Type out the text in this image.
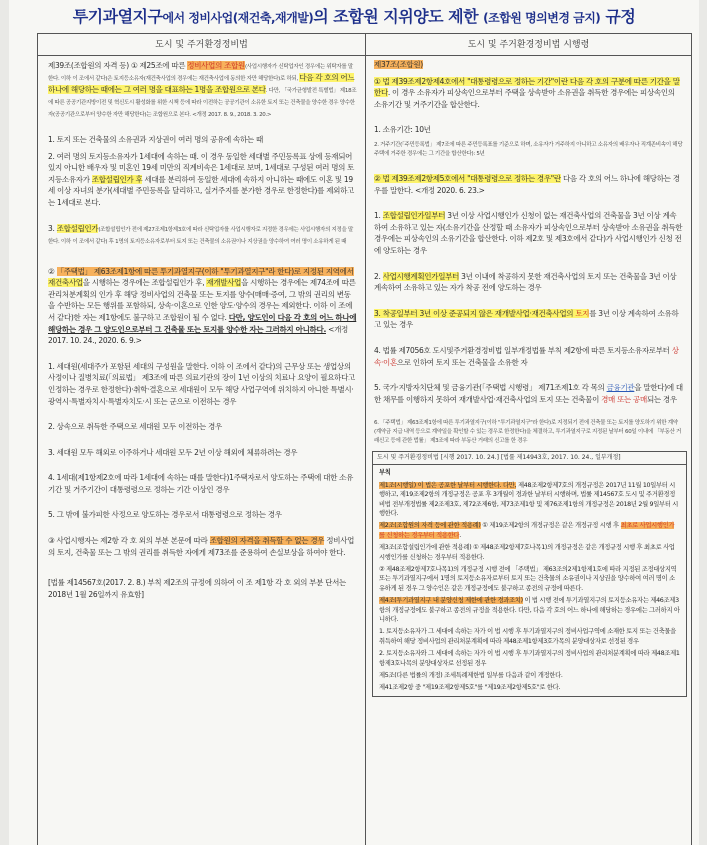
투기과열지구에서 정비사업(재건축,재개발)의 조합원 지위양도 제한 (조합원 명의변경 금지) 규정
도시 및 주거환경정비법

제39조(조합원의 자격 등) ① 제25조에 따른 정비사업의 조합원(사업시행자가 신탁업자인 경우에는 위탁자를 말한다. 이하 이 조에서 같다)은 토지등소유자(재건축사업의 경우에는 재건축사업에 동의한 자만 해당한다)로 하되, 다음 각 호의 어느 하나에 해당하는 때에는 그 여러 명을 대표하는 1명을 조합원으로 본다. 다만, 「국가균형발전 특별법」 제18조에 따른 공공기관지방이전 및 혁신도시 활성화를 위한 시책 등에 따라 이전하는 공공기관이 소유한 토지 또는 건축물을 양수한 경우 양수한 자(공공기관으로부터 양수한 자만 해당한다)는 조합원으로 본다. <개정 2017. 8. 9., 2018. 3. 20.>

1. 토지 또는 건축물의 소유권과 지상권이 여러 명의 공유에 속하는 때

2. 여러 명의 토지등소유자가 1세대에 속하는 때. 이 경우 동일한 세대별 주민등록표 상에 등재되어 있지 아니한 배우자 및 미혼인 19세 미만의 직계비속은 1세대로 보며, 1세대로 구성된 여러 명의 토지등소유자가 조합설립인가 후 세대를 분리하여 동일한 세대에 속하지 아니하는 때에도 이혼 및 19세 이상 자녀의 분가(세대별 주민등록을 달리하고, 실거주지를 분가한 경우로 한정한다)를 제외하고는 1세대로 본다.

3. 조합설립인가(조합설립인가 전에 제27조제1항제3호에 따라 신탁업자를 사업시행자로 지정한 경우에는 사업시행자의 지정을 말한다. 이하 이 조에서 같다) 후 1명의 토지등소유자로부터 토지 또는 건축물의 소유권이나 지상권을 양수하여 여러 명이 소유하게 된 때

② 「주택법」 제63조제1항에 따른 투기과열지구(이하 "투기과열지구"라 한다)로 지정된 지역에서
재건축사업을 시행하는 경우에는 조합설립인가 후, 재개발사업을 시행하는 경우에는 제74조에 따른 관리처분계획의 인가 후 해당 정비사업의 건축물 또는 토지를 양수(매매·증여, 그 밖의 권리의 변동을 수반하는 모든 행위를 포함하되, 상속·이혼으로 인한 양도·양수의 경우는 제외한다. 이하 이 조에서 같다)한 자는 제1항에도 불구하고 조합원이 될 수 없다. 다만, 양도인이 다음 각 호의 어느 하나에 해당하는 경우 그 양도인으로부터 그 건축물 또는 토지를 양수한 자는 그러하지 아니하다. <개정 2017. 10. 24., 2020. 6. 9.>

1. 세대원(세대주가 포함된 세대의 구성원을 말한다. 이하 이 조에서 같다)의 근무상 또는 생업상의 사정이나 질병치료(「의료법」 제3조에 따른 의료기관의 장이 1년 이상의 치료나 요양이 필요하다고 인정하는 경우로 한정한다)·취학·결혼으로 세대원이 모두 해당 사업구역에 위치하지 아니한 특별시·광역시·특별자치시·특별자치도·시 또는 군으로 이전하는 경우

2. 상속으로 취득한 주택으로 세대원 모두 이전하는 경우

3. 세대원 모두 해외로 이주하거나 세대원 모두 2년 이상 해외에 체류하려는 경우

4. 1세대(제1항제2호에 따라 1세대에 속하는 때를 말한다)1주택자로서 양도하는 주택에 대한 소유기간 및 거주기간이 대통령령으로 정하는 기간 이상인 경우

5. 그 밖에 불가피한 사정으로 양도하는 경우로서 대통령령으로 정하는 경우

③ 사업시행자는 제2항 각 호 외의 부분 본문에 따라 조합원의 자격을 취득할 수 없는 경우 정비사업의 토지, 건축물 또는 그 밖의 권리를 취득한 자에게 제73조를 준용하여 손실보상을 하여야 한다.

[법률 제14567호(2017. 2. 8.) 부칙 제2조의 규정에 의하여 이 조 제1항 각 호 외의 부분 단서는 2018년 1월 26일까지 유효함]

도시 및 주거환경정비법 시행령

제37조(조합원)

① 법 제39조제2항제4호에서 "대통령령으로 정하는 기간"이란 다음 각 호의 구분에 따른 기간을 말한다. 이 경우 소유자가 피상속인으로부터 주택을 상속받아 소유권을 취득한 경우에는 피상속인의 소유기간 및 거주기간을 합산한다.

1. 소유기간: 10년

2. 거주기간(「주민등록법」 제7조에 따른 주민등록표를 기준으로 하며, 소유자가 거주하지 아니하고 소유자의 배우자나 직계존비속이 해당 주택에 거주한 경우에는 그 기간을 합산한다): 5년

② 법 제39조제2항제5호에서 "대통령령으로 정하는 경우"란 다음 각 호의 어느 하나에 해당하는 경우를 말한다. <개정 2020. 6. 23.>

1. 조합설립인가일부터 3년 이상 사업시행인가 신청이 없는 재건축사업의 건축물을 3년 이상 계속하여 소유하고 있는 자(소유기간을 산정할 때 소유자가 피상속인으로부터 상속받아 소유권을 취득한 경우에는 피상속인의 소유기간을 합산한다. 이하 제2호 및 제3호에서 같다)가 사업시행인가 신청 전에 양도하는 경우

2. 사업시행계획인가일부터 3년 이내에 착공하지 못한 재건축사업의 토지 또는 건축물을 3년 이상 계속하여 소유하고 있는 자가 착공 전에 양도하는 경우

3. 착공일부터 3년 이상 준공되지 않은 재개발사업·재건축사업의 토지를 3년 이상 계속하여 소유하고 있는 경우

4. 법률 제7056호 도시및주거환경정비법 일부개정법률 부칙 제2항에 따른 토지등소유자로부터 상속·이혼으로 인하여 토지 또는 건축물을 소유한 자

5. 국가·지방자치단체 및 금융기관(「주택법 시행령」 제71조제1호 각 목의 금융기관을 말한다)에 대한 채무를 이행하지 못하여 재개발사업·재건축사업의 토지 또는 건축물이 경매 또는 공매되는 경우

6. 「주택법」 제63조제1항에 따른 투기과열지구(이하 "투기과열지구"라 한다)로 지정되기 전에 건축물 또는 토지를 양도하기 위한 계약(계약금 지급 내역 등으로 계약일을 확인할 수 있는 경우로 한정한다)을 체결하고, 투기과열지구로 지정된 날부터 60일 이내에 「부동산 거래신고 등에 관한 법률」 제3조에 따라 부동산 거래의 신고를 한 경우

도시 및 주거환경정비법 [시행 2017. 10. 24.] [법률 제14943호, 2017. 10. 24., 일부개정]

부칙

제1조(시행일) 이 법은 공포한 날부터 시행한다. 다만, 제48조제2항제7호의 개정규정은 2017년 11월 10일부터 시행하고, 제19조제2항의 개정규정은 공포 후 3개월이 경과한 날부터 시행하며, 법률 제14567호 도시 및 주거환경정비법 전부개정법률 제2조제3호, 제72조제6항, 제73조제1항 및 제76조제1항의 개정규정은 2018년 2월 9일부터 시행한다.

제2조(조합원의 자격 등에 관한 적용례) ① 제19조제2항의 개정규정은 같은 개정규정 시행 후 최초로 사업시행인가를 신청하는 경우부터 적용한다.

제3조(조합설립인가에 관한 적용례) ① 제48조제2항제7호나목1)의 개정규정은 같은 개정규정 시행 후 최초로 사업시행인가를 신청하는 경우부터 적용한다.

② 제48조제2항제7호나목1)의 개정규정 시행 전에 「주택법」 제63조의2제1항제1호에 따라 지정된 조정대상지역 또는 투기과열지구에서 1명의 토지등소유자로부터 토지 또는 건축물의 소유권이나 지상권을 양수하여 여러 명이 소유하게 된 경우 그 양수인은 같은 개정규정에도 불구하고 종전의 규정에 따른다.

제4조(투기과열지구 내 분양신청 제한에 관한 경과조치) 이 법 시행 전에 투기과열지구의 토지등소유자는 제46조제3항의 개정규정에도 불구하고 종전의 규정을 적용한다. 다만, 다음 각 호의 어느 하나에 해당하는 경우에는 그러하지 아니하다.

1. 토지등소유자가 그 세대에 속하는 자가 이 법 시행 후 투기과열지구의 정비사업구역에 소재한 토지 또는 건축물을 취득하여 해당 정비사업의 관리처분계획에 따라 제48조제1항제3호가목의 분양대상자로 선정된 경우

2. 토지등소유자와 그 세대에 속하는 자가 이 법 시행 후 투기과열지구의 정비사업의 관리처분계획에 따라 제48조제1항제3호나목의 분양대상자로 선정된 경우

제5조(다른 법률의 개정) 조세특례제한법 일부를 다음과 같이 개정한다.

제41조제2항 중 "제19조제2항제5호"를 "제19조제2항제5호"로 한다.
